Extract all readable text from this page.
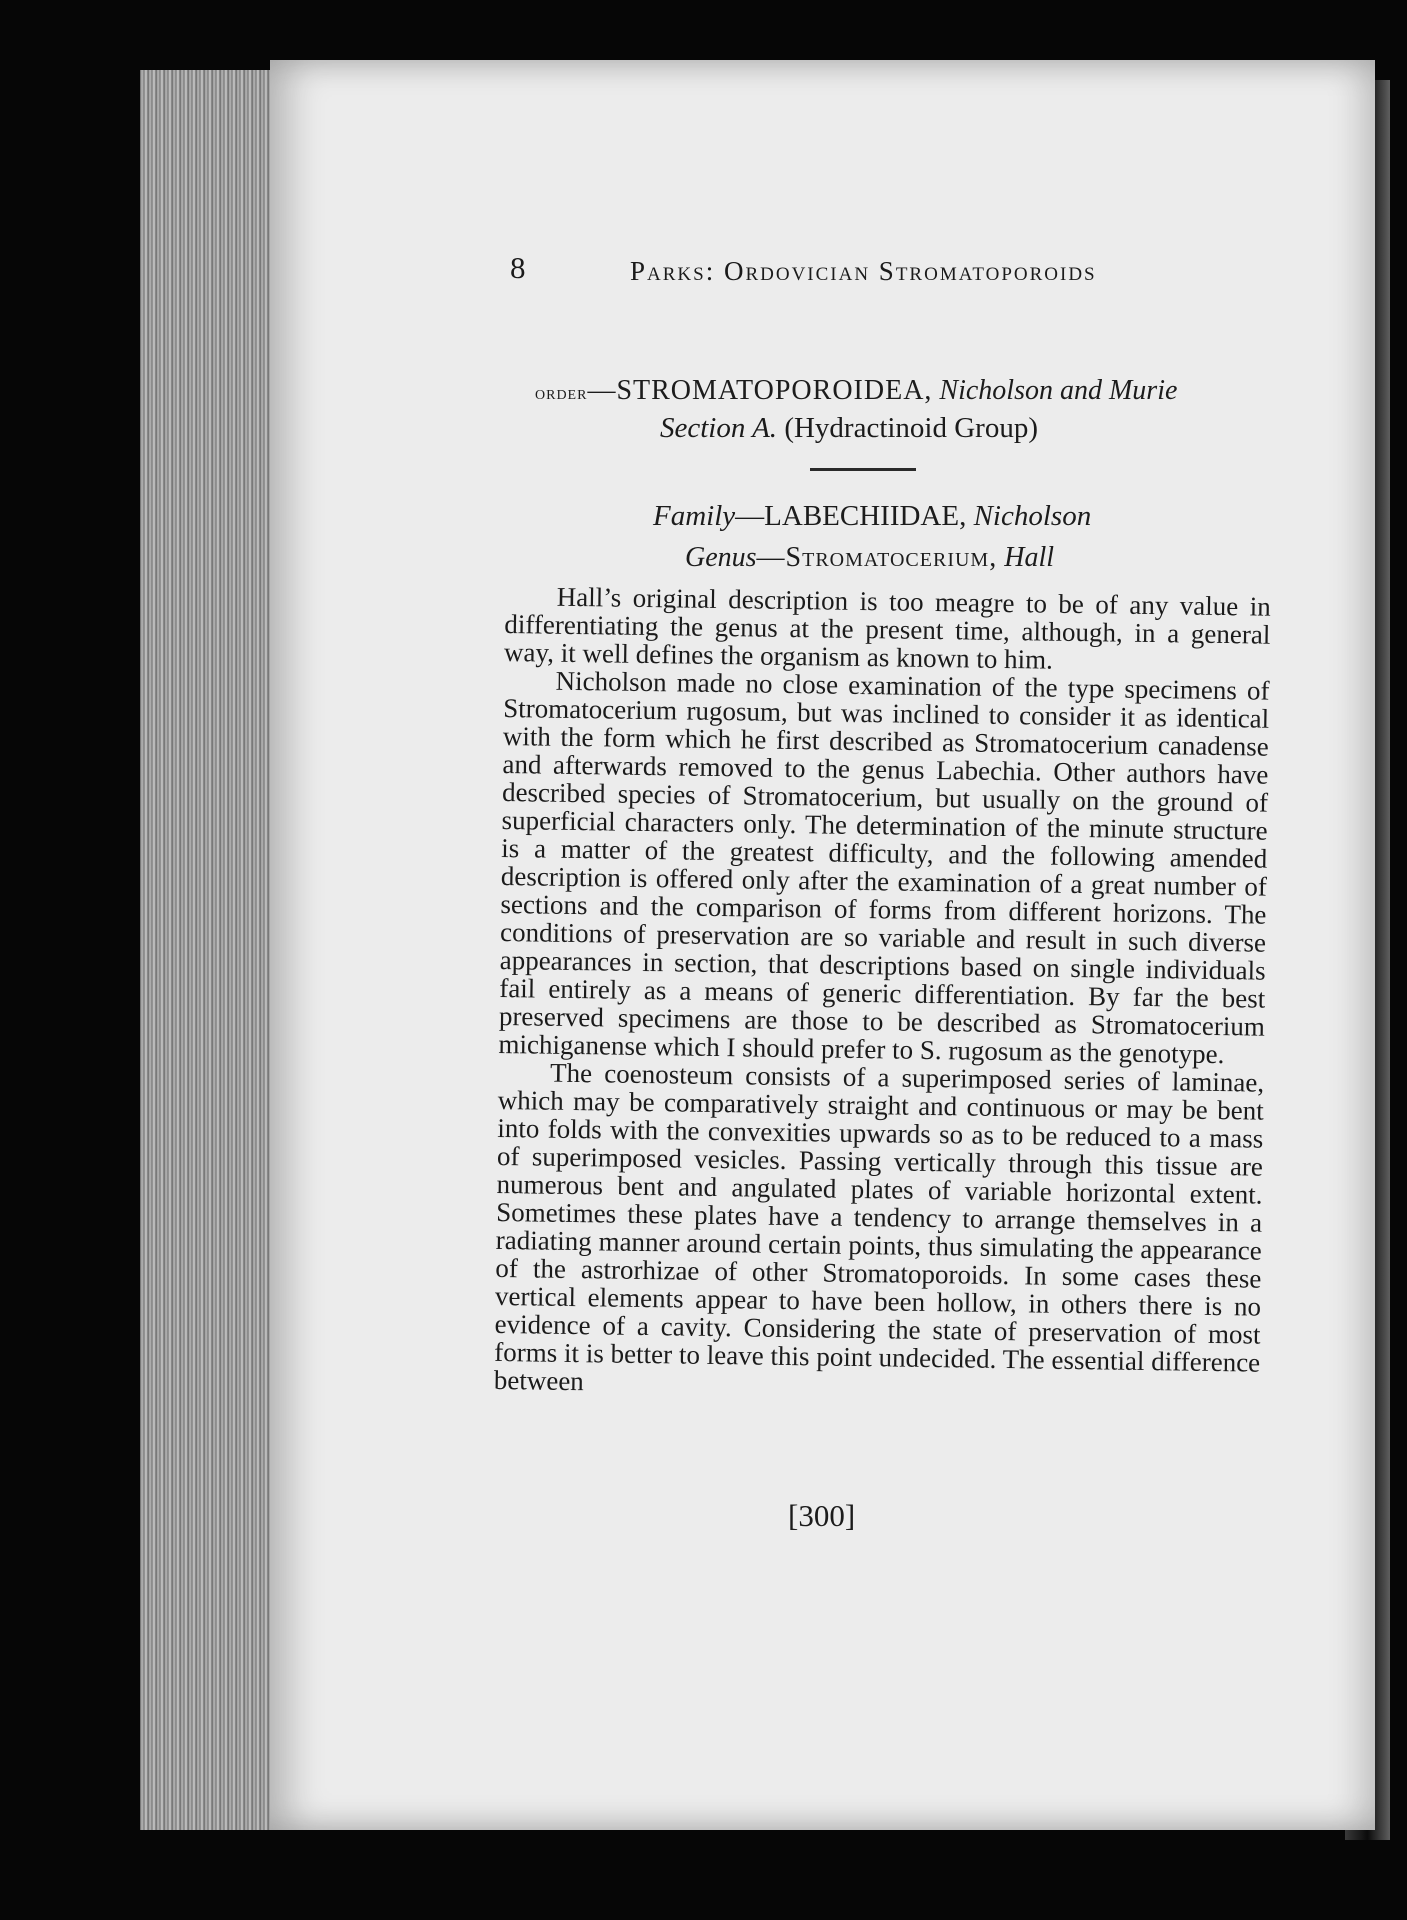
8	Parks: Ordovician Stromatoporoids
order—STROMATOPOROIDEA, Nicholson and Murie
Section A. (Hydractinoid Group)
Family—LABECHIIDAE, Nicholson
Genus—Stromatocerium, Hall

Hall’s original description is too meagre to be of any value in differentiating the genus at the present time, although, in a general way, it well defines the organism as known to him.

Nicholson made no close examination of the type specimens of Stromatocerium rugosum, but was inclined to consider it as identical with the form which he first described as Stromatocerium canadense and afterwards removed to the genus Labechia. Other authors have described species of Stromatocerium, but usually on the ground of superficial characters only. The determination of the minute structure is a matter of the greatest difficulty, and the following amended description is offered only after the examination of a great number of sections and the comparison of forms from different horizons. The conditions of preservation are so variable and result in such diverse appearances in section, that descriptions based on single individuals fail entirely as a means of generic differentiation. By far the best preserved specimens are those to be described as Stromatocerium michiganense which I should prefer to S. rugosum as the genotype.

The coenosteum consists of a superimposed series of laminae, which may be comparatively straight and continuous or may be bent into folds with the convexities upwards so as to be reduced to a mass of superimposed vesicles. Passing vertically through this tissue are numerous bent and angulated plates of variable horizontal extent. Sometimes these plates have a tendency to arrange themselves in a radiating manner around certain points, thus simulating the appearance of the astrorhizae of other Stromatoporoids. In some cases these vertical elements appear to have been hollow, in others there is no evidence of a cavity. Considering the state of preservation of most forms it is better to leave this point undecided. The essential difference between

[300]
